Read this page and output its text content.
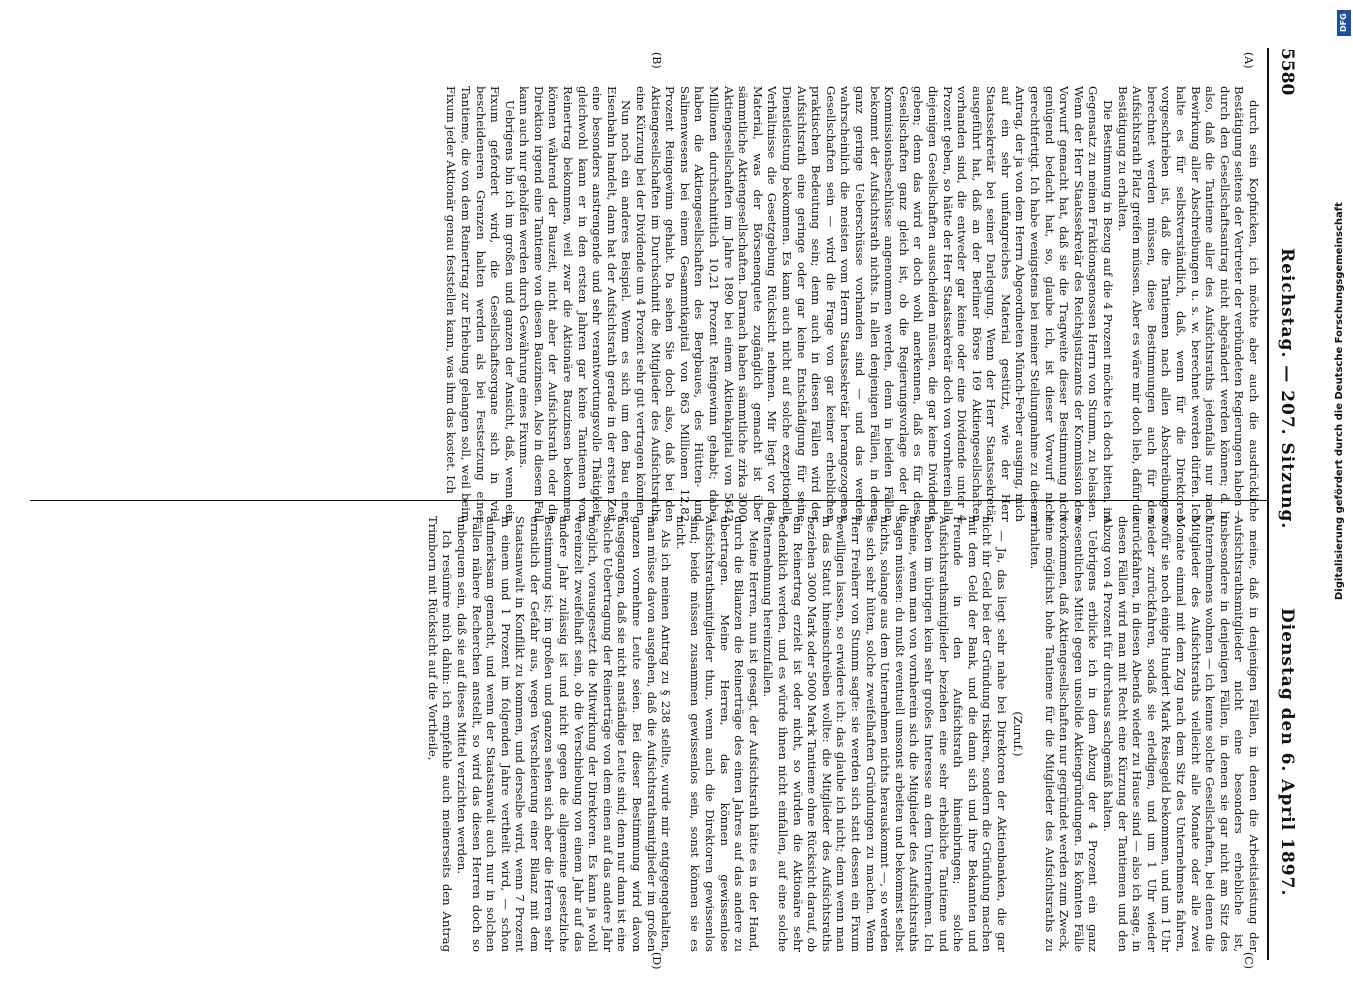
5580
Reichstag. — 207. Sitzung.
Dienstag den 6. April 1897.
(A)
(B)
(C)
(D)

durch sein Kopfnicken, ich möchte aber auch die ausdrückliche Bestätigung seitens der Vertreter der verbündeten Regierungen haben — durch den Gesellschaftsantrag nicht abgeändert werden können; d. h. also, daß die Tantieme aller des Aufsichtsraths jedenfalls nur nach Bewirkung aller Abschreibungen u. s. w. berechnet werden dürfen. Ich halte es für selbstverständlich, daß, wenn für die Direktoren vorgeschrieben ist, daß die Tantiemen nach allen Abschreibungen berechnet werden müssen, diese Bestimmungen auch für den Aufsichtsrath Platz greifen müssen. Aber es wäre mir doch lieb, dafür die Bestätigung zu erhalten.

Die Bestimmung in Bezug auf die 4 Prozent möchte ich doch bitten, im Gegensatz zu meinen Fraktionsgenossen Herrn von Stumm, zu belassen. Wenn der Herr Staatssekretär des Reichsjustizamts der Kommission den Vorwurf gemacht hat, daß sie die Tragweite dieser Bestimmung nicht genügend bedacht hat, so, glaube ich, ist dieser Vorwurf nicht gerechtfertigt. Ich habe wenigstens bei meiner Stellungnahme zu diesem Antrag, der ja von dem Herrn Abgeordneten Münch-Ferber ausging, mich auf ein sehr umfangreiches Material gestützt, wie der Herr Staatssekretär bei seiner Darlegung. Wenn der Herr Staatssekretär ausgeführt hat, daß an der Berliner Börse 169 Aktiengesellschaften vorhanden sind, die entweder gar keine oder eine Dividende unter 4 Prozent geben, so hätte der Herr Staatssekretär doch von vornherein alle diejenigen Gesellschaften ausscheiden müssen, die gar keine Dividende geben; denn das wird er doch wohl anerkennen, daß es für diese Gesellschaften ganz gleich ist, ob die Regierungsvorlage oder die Kommissionsbeschlüsse angenommen werden, denn in beiden Fällen bekommt der Aufsichtsrath nichts. In allen denjenigen Fällen, in denen ganz geringe Ueberschüsse vorhanden sind — und das werden wahrscheinlich die meisten vom Herrn Staatssekretär herangezogenen Gesellschaften sein — wird die Frage von gar keiner erheblichen praktischen Bedeutung sein; denn auch in diesen Fällen wird der Aufsichtsrath eine geringe oder gar keine Entschädigung für seine Dienstleistung bekommen. Es kann auch nicht auf solche exzeptionelle Verhältnisse die Gesetzgebung Rücksicht nehmen. Mir liegt vor das Material, was der Börsenenquete zugänglich gemacht ist über sämmtliche Aktiengesellschaften. Darnach haben sämmtliche zirka 3000 Aktiengesellschaften im Jahre 1890 bei einem Aktienkapital von 5642 Millionen durchschnittlich 10,21 Prozent Reingewinn gehabt; dabei haben die Aktiengesellschaften des Bergbaues, des Hütten- und Salinenwesens bei einem Gesammtkapital von 863 Millionen 12,82 Prozent Reingewinn gehabt. Da sehen Sie doch also, daß bei den Aktiengesellschaften im Durchschnitt die Mitglieder des Aufsichtsraths eine Kürzung bei der Dividende um 4 Prozent sehr gut vertragen können.

Nun noch ein anderes Beispiel. Wenn es sich um den Bau einer Eisenbahn handelt, dann hat der Aufsichtsrath gerade in der ersten Zeit eine besonders anstrengende und sehr verantwortungsvolle Thätigkeit; gleichwohl kann er in den ersten Jahren gar keine Tantiemen vom Reinertrag bekommen, weil zwar die Aktionäre Bauzinsen bekommen können während der Bauzeit, nicht aber der Aufsichtsrath oder die Direktion irgend eine Tantieme von diesen Bauzinsen. Also in diesem Fall kann auch nur geholfen werden durch Gewährung eines Fixums.

Uebrigens bin ich im großen und ganzen der Ansicht, daß, wenn ein Fixum gefordert wird, die Gesellschaftsorgane sich in viel bescheideneren Grenzen halten werden als bei Festsetzung einer Tantieme, die von dem Reinertrag zur Erhebung gelangen soll, weil beim Fixum jeder Aktionär genau feststellen kann, was ihm das kostet. Ich

meine, daß in denjenigen Fällen, in denen die Arbeitsleistung der Aufsichtsrathsmitglieder nicht eine besonders erhebliche ist, insbesondere in denjenigen Fällen, in denen sie gar nicht am Sitz des Unternehmens wohnen — ich kenne solche Gesellschaften, bei denen die Mitglieder des Aufsichtsraths vielleicht alle Monate oder alle zwei Monate einmal mit dem Zug nach dem Sitz des Unternehmens fahren, wofür sie noch einige Hundert Mark Reisegeld bekommen, und um 1 Uhr wieder zurückfahren, sodaß sie erledigen, und um 1 Uhr wieder zurückfahren, in diesen Abends wieder zu Hause sind — also ich sage, in diesen Fällen wird man mit Recht eine Kürzung der Tantiemen und den Abzug von 4 Prozent für durchaus sachgemäß halten.

Uebrigens erblicke ich in dem Abzug der 4 Prozent ein ganz wesentliches Mittel gegen unsolide Aktiengründungen. Es könnten Fälle vorkommen, daß Aktiengesellschaften nur gegründet werden zum Zweck, eine möglichst hohe Tantieme für die Mitglieder des Aufsichtsraths zu erhalten.

(Zuruf.)

— Ja, das liegt sehr nahe bei Direktoren der Aktienbanken, die gar nicht ihr Geld bei der Gründung riskiren, sondern die Gründung machen mit dem Geld der Bank, und die dann sich und ihre Bekannten und Freunde in den Aufsichtsrath hineinbringen; solche Aufsichtsrathsmitglieder beziehen eine sehr erhebliche Tantieme und haben im übrigen kein sehr großes Interesse an dem Unternehmen. Ich meine, wenn man von vornherein sich die Mitglieder des Aufsichtsraths sagen müssen: du mußt eventuell umsonst arbeiten und bekommst selbst nichts, solange aus dem Unternehmen nichts herauskommt —, so werden sie sich sehr hüten, solche zweifelhaften Gründungen zu machen. Wenn Herr Freiherr von Stumm sagte: sie werden sich statt dessen ein Fixum bewilligen lassen, so erwidere ich: das glaube ich nicht; denn wenn man in das Statut hineinschreiben wollte: die Mitglieder des Aufsichtsraths beziehen 3000 Mark oder 5000 Mark Tantieme ohne Rücksicht darauf, ob ein Reinertrag erzielt ist oder nicht, so würden die Aktionäre sehr bedenklich werden, und es würde ihnen nicht einfallen, auf eine solche Unternehmung hereinzufallen.

Meine Herren, nun ist gesagt, der Aufsichtsrath hätte es in der Hand, durch die Bilanzen die Reinerträge des einen Jahres auf das andere zu übertragen. Meine Herren, das können gewissenlose Aufsichtsrathsmitglieder thun, wenn auch die Direktoren gewissenlos sind; beide müssen zusammen gewissenlos sein, sonst können sie es nicht.

Als ich meinen Antrag zu § 238 stellte, wurde mir entgegengehalten, man müsse davon ausgehen, daß die Aufsichtsrathsmitglieder im großen ganzen vornehme Leute seien. Bei dieser Bestimmung wird davon ausgegangen, daß sie nicht anständige Leute sind; denn nur dann ist eine solche Uebertragung der Reinerträge von dem einen auf das andere Jahr möglich, vorausgesetzt die Mitwirkung der Direktoren. Es kann ja wohl vereinzelt zweifelhaft sein, ob die Verschiebung von einem Jahr auf das andere Jahr zulässig ist und nicht gegen die allgemeine gesetzliche Bestimmung ist; im großen und ganzen sehen sich aber die Herren sehr ernstlich der Gefahr aus, wegen Verschleierung einer Bilanz mit dem Staatsanwalt in Konflikt zu kommen, und derselbe wird, wenn 7 Prozent in einem und 1 Prozent im folgenden Jahre vertheilt wird, — schon aufmerksam gemacht, und wenn der Staatsanwalt auch nur in solchen Fällen nähere Recherchen anstellt, so wird das diesen Herren doch so unbequem sein, daß sie auf dieses Mittel verzichten werden.

Ich resümire mich dahin: ich empfehle auch meinerseits den Antrag Trimborn mit Rücksicht auf die Vortheile,

DFG
Digitalisierung gefördert durch die Deutsche Forschungsgemeinschaft
